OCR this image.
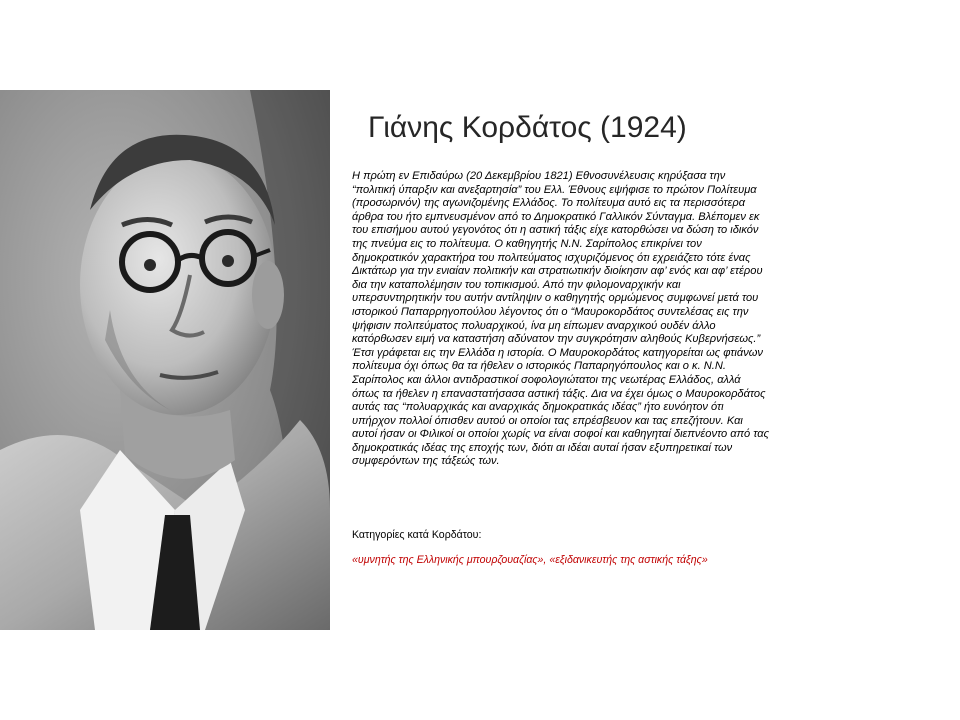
Γιάνης Κορδάτος (1924)

Η πρώτη εν Επιδαύρω (20 Δεκεμβρίου 1821) Εθνοσυνέλευσις κηρύξασα την “πολιτική ύπαρξιν και ανεξαρτησία” του Ελλ. Έθνους εψήφισε το πρώτον Πολίτευμα (προσωρινόν) της αγωνιζομένης Ελλάδος. Το πολίτευμα αυτό εις τα περισσότερα άρθρα του ήτο εμπνευσμένον από το Δημοκρατικό Γαλλικόν Σύνταγμα. Βλέπομεν εκ του επισήμου αυτού γεγονότος ότι η αστική τάξις είχε κατορθώσει να δώση το ιδικόν της πνεύμα εις το πολίτευμα. Ο καθηγητής Ν.Ν. Σαρίπολος επικρίνει τον δημοκρατικόν χαρακτήρα του πολιτεύματος ισχυριζόμενος ότι εχρειάζετο τότε ένας Δικτάτωρ για την ενιαίαν πολιτικήν και στρατιωτικήν διοίκησιν αφ’ ενός και αφ’ ετέρου δια την καταπολέμησιν του τοπικισμού. Από την φιλομοναρχικήν και υπερσυντηρητικήν του αυτήν αντίληψιν ο καθηγητής ορμώμενος συμφωνεί μετά του ιστορικού Παπαρρηγοπούλου λέγοντος ότι ο “Μαυροκορδάτος συντελέσας εις την ψήφισιν πολιτεύματος πολυαρχικού, ίνα μη είπωμεν αναρχικού ουδέν άλλο κατόρθωσεν ειμή να καταστήση αδύνατον την συγκρότησιν αληθούς Κυβερνήσεως.” Έτσι γράφεται εις την Ελλάδα η ιστορία. Ο Μαυροκορδάτος κατηγορείται ως φτιάνων πολίτευμα όχι όπως θα τα ήθελεν ο ιστορικός Παπαρηγόπουλος και ο κ. Ν.Ν. Σαρίπολος και άλλοι αντιδραστικοί σοφολογιώτατοι της νεωτέρας Ελλάδος, αλλά όπως τα ήθελεν η επαναστατήσασα αστική τάξις. Δια να έχει όμως ο Μαυροκορδάτος αυτάς τας “πολυαρχικάς και αναρχικάς δημοκρατικάς ιδέας” ήτο ευνόητον ότι υπήρχον πολλοί όπισθεν αυτού οι οποίοι τας επρέσβευον και τας επεζήτουν. Και αυτοί ήσαν οι Φιλικοί οι οποίοι χωρίς να είναι σοφοί και καθηγηταί διεπνέοντο από τας δημοκρατικάς ιδέας της εποχής των, διότι αι ιδέαι αυταί ήσαν εξυπηρετικαί των συμφερόντων της τάξεώς των.

Κατηγορίες κατά Κορδάτου:

«υμνητής της Ελληνικής μπουρζουαζίας», «εξιδανικευτής της αστικής τάξης»
